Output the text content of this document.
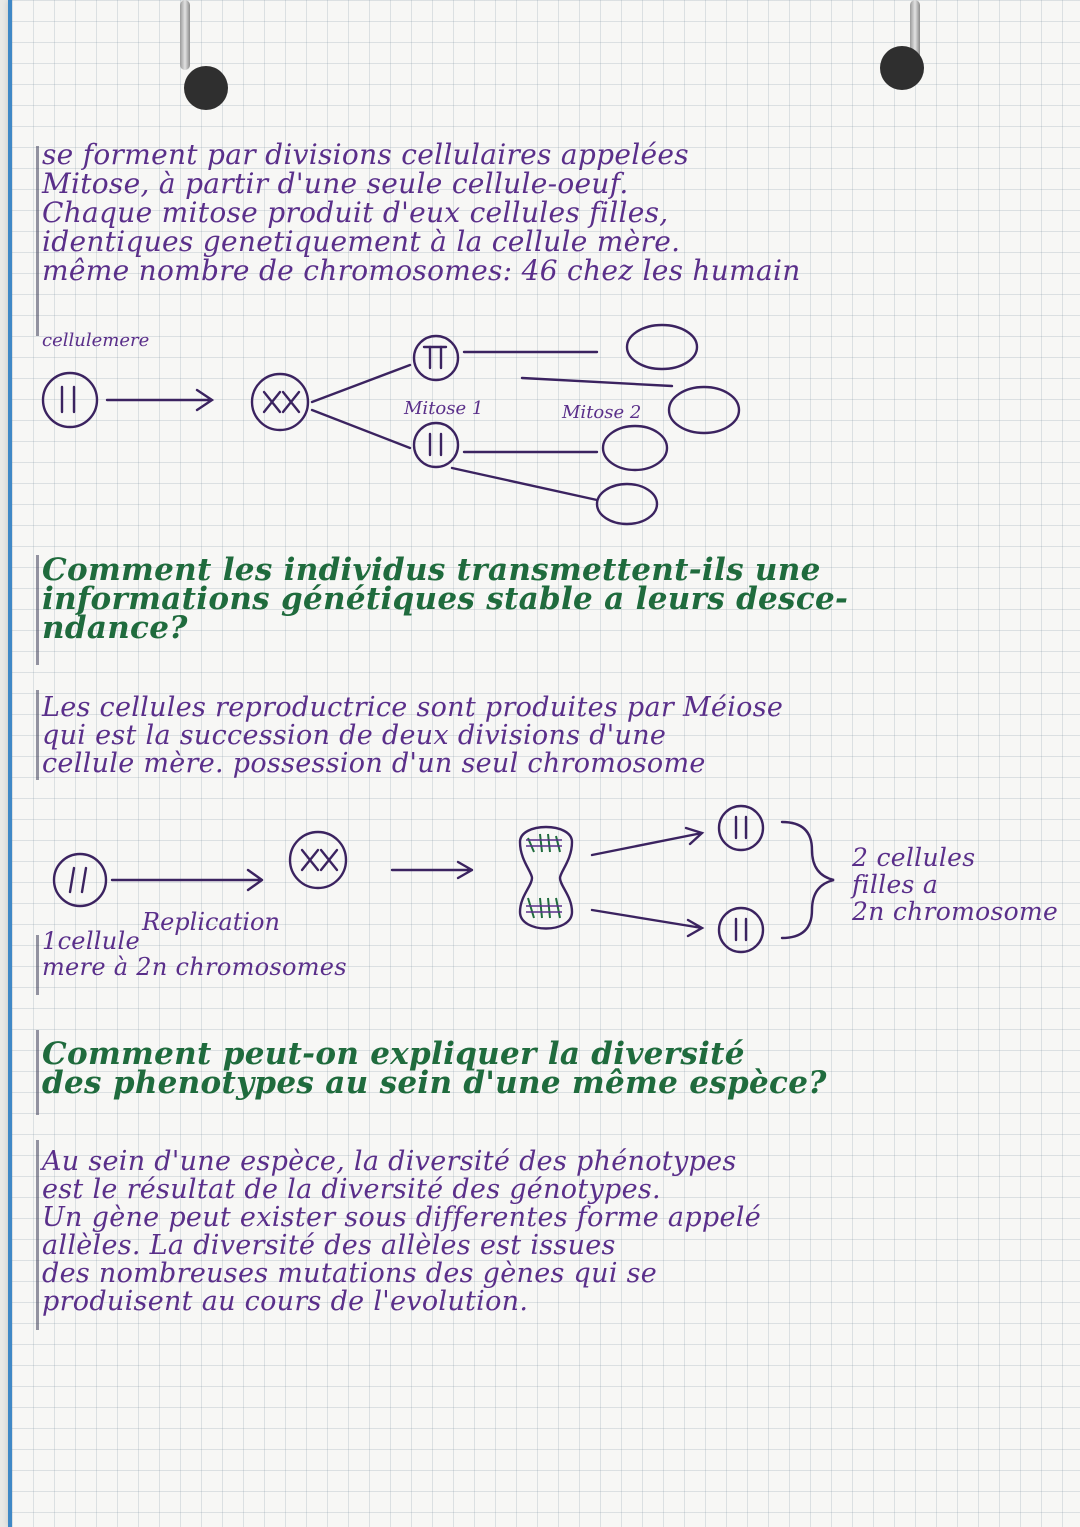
se forment par divisions cellulaires appelées
Mitose, à partir d'une seule cellule-oeuf.
Chaque mitose produit d'eux cellules filles,
identiques genetiquement à la cellule mère.
même nombre de chromosomes: 46 chez les humain

cellulemere
Mitose 1	Mitose 2

Comment les individus transmettent-ils une
informations génétiques stable a leurs desce-
ndance?

Les cellules reproductrice sont produites par Méiose
qui est la succession de deux divisions d'une
cellule mère. possession d'un seul chromosome

Replication

1cellule
mere à 2n chromosomes

2 cellules
filles a
2n chromosome

Comment peut-on expliquer la diversité
des phenotypes au sein d'une même espèce?

Au sein d'une espèce, la diversité des phénotypes
est le résultat de la diversité des génotypes.
Un gène peut exister sous differentes forme appelé
allèles. La diversité des allèles est issues
des nombreuses mutations des gènes qui se
produisent au cours de l'evolution.
